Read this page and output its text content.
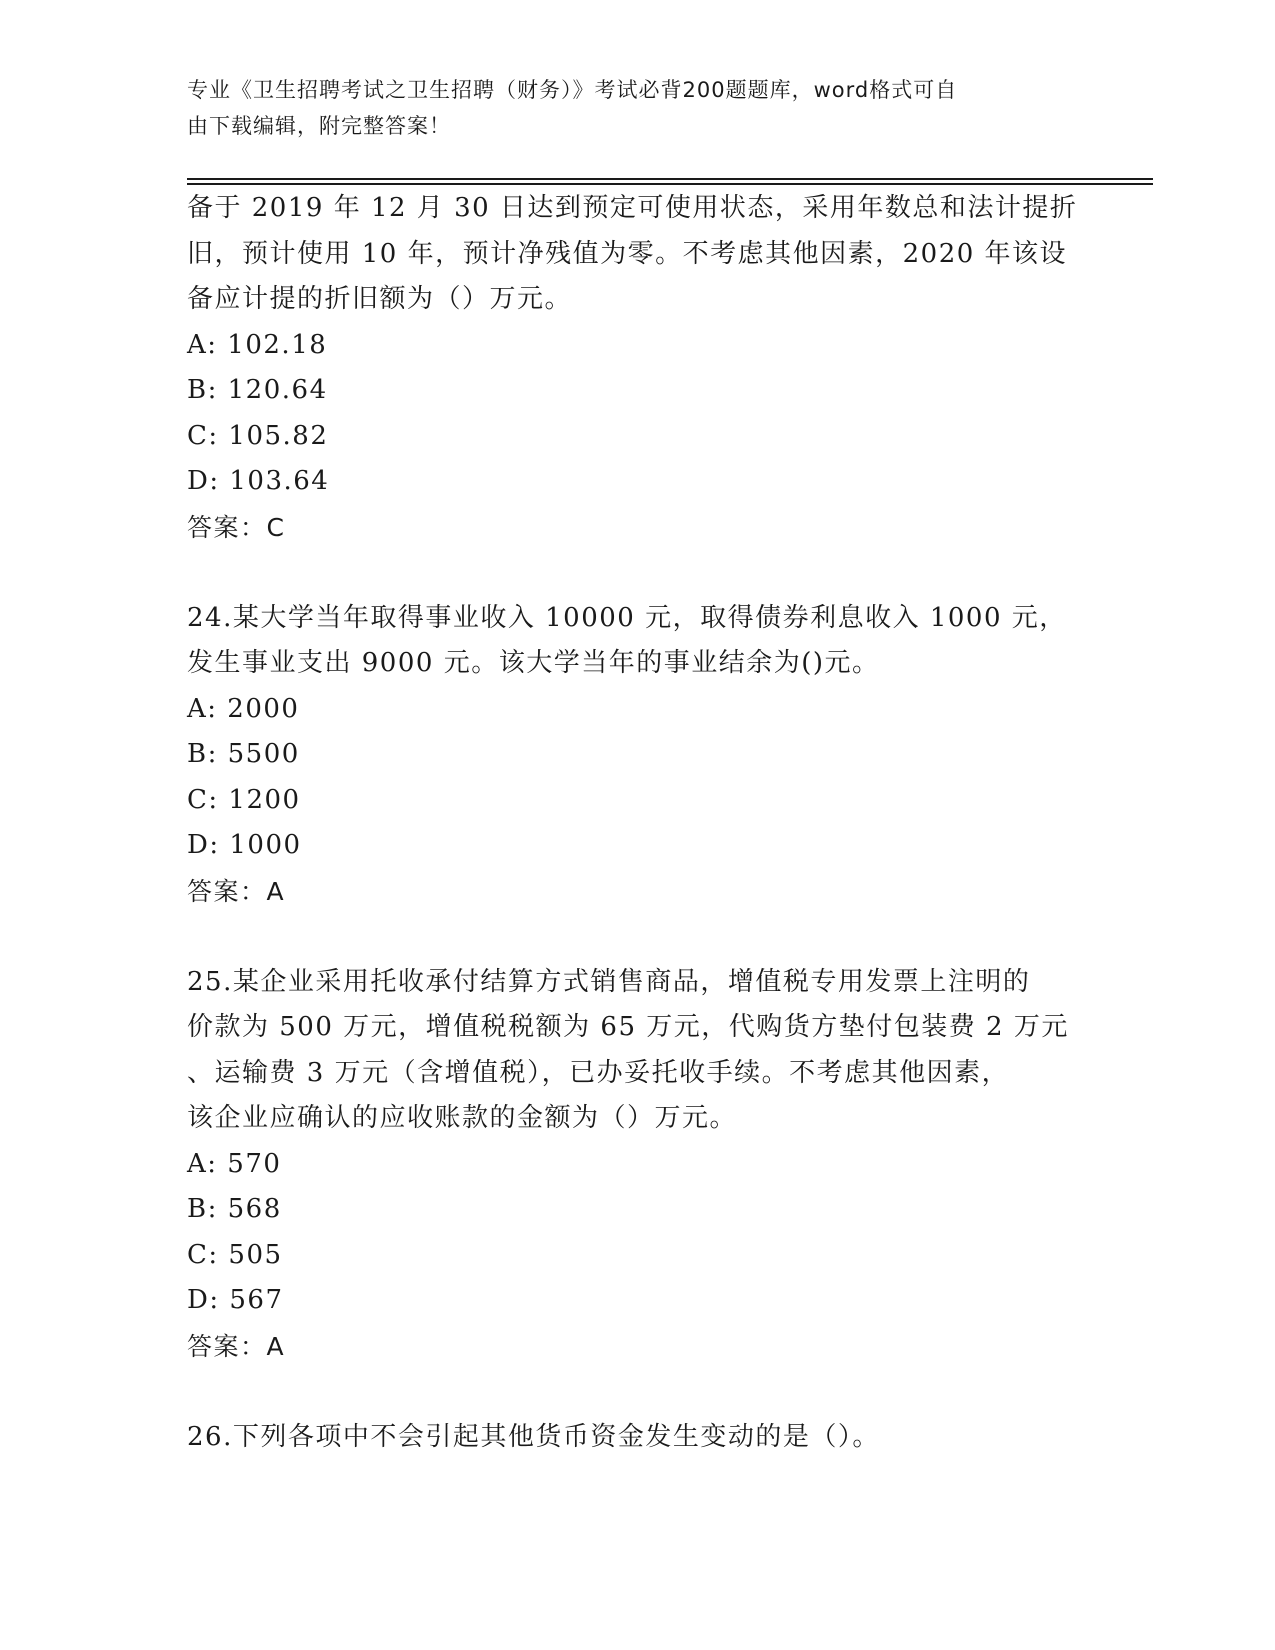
专业《卫生招聘考试之卫生招聘（财务）》考试必背200题题库，word格式可自
由下载编辑，附完整答案！

备于 2019 年 12 月 30 日达到预定可使用状态，采用年数总和法计提折

旧，预计使用 10 年，预计净残值为零。不考虑其他因素，2020 年该设

备应计提的折旧额为（）万元。

A: 102.18

B: 120.64

C: 105.82

D: 103.64

答案：C

24.某大学当年取得事业收入 10000 元，取得债券利息收入 1000 元，

发生事业支出 9000 元。该大学当年的事业结余为()元。

A: 2000

B: 5500

C: 1200

D: 1000

答案：A

25.某企业采用托收承付结算方式销售商品，增值税专用发票上注明的

价款为 500 万元，增值税税额为 65 万元，代购货方垫付包装费 2 万元

、运输费 3 万元（含增值税），已办妥托收手续。不考虑其他因素，

该企业应确认的应收账款的金额为（）万元。

A: 570

B: 568

C: 505

D: 567

答案：A

26.下列各项中不会引起其他货币资金发生变动的是（）。
